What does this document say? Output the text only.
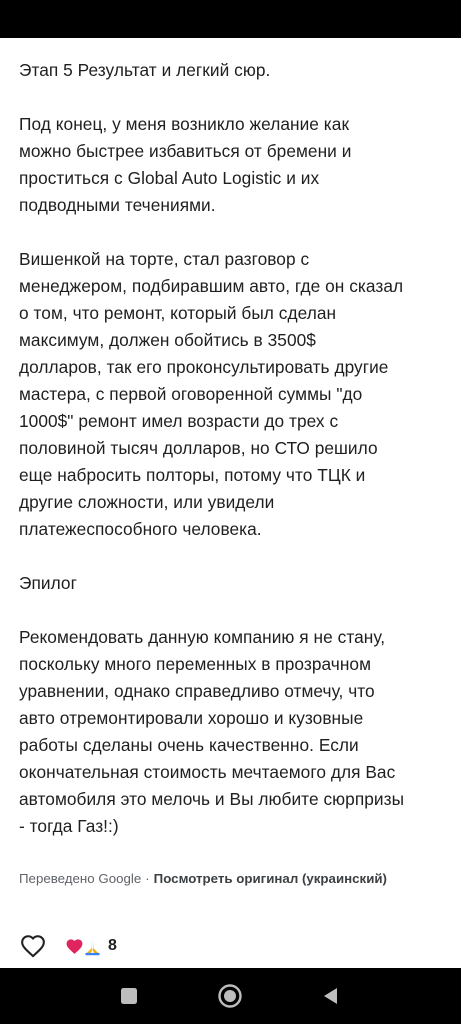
Этап 5 Результат и легкий сюр.

Под конец, у меня возникло желание как
можно быстрее избавиться от бремени и
проститься с Global Auto Logistic и их
подводными течениями.

Вишенкой на торте, стал разговор с
менеджером, подбиравшим авто, где он сказал
о том, что ремонт, который был сделан
максимум, должен обойтись в 3500$
долларов, так его проконсультировать другие
мастера, с первой оговоренной суммы "до
1000$" ремонт имел возрасти до трех с
половиной тысяч долларов, но СТО решило
еще набросить полторы, потому что ТЦК и
другие сложности, или увидели
платежеспособного человека.

Эпилог

Рекомендовать данную компанию я не стану,
поскольку много переменных в прозрачном
уравнении, однако справедливо отмечу, что
авто отремонтировали хорошо и кузовные
работы сделаны очень качественно. Если
окончательная стоимость мечтаемого для Вас
автомобиля это мелочь и Вы любите сюрпризы
- тогда Газ!:)

Переведено Google · Посмотреть оригинал (украинский)
8
